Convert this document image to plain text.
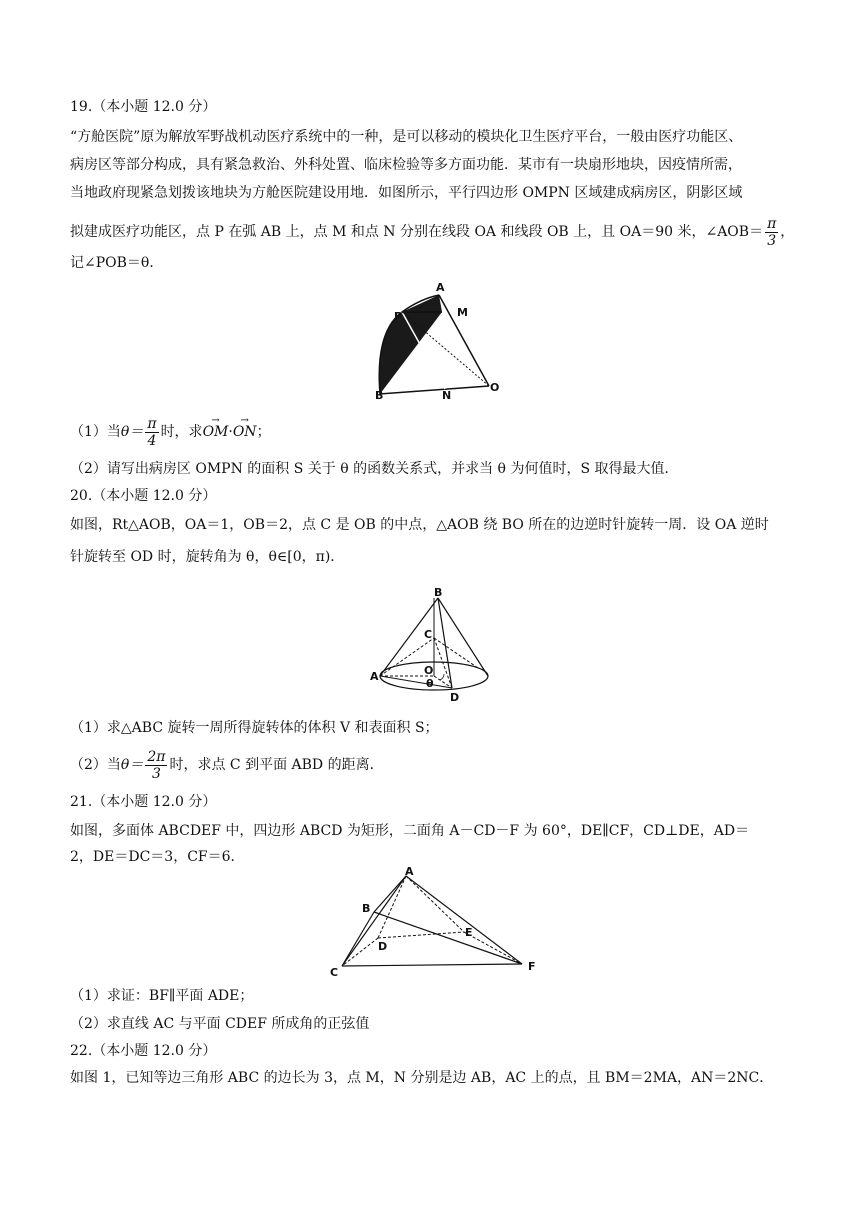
19.（本小题 12.0 分）
“方舱医院”原为解放军野战机动医疗系统中的一种，是可以移动的模块化卫生医疗平台，一般由医疗功能区、
病房区等部分构成，具有紧急救治、外科处置、临床检验等多方面功能．某市有一块扇形地块，因疫情所需，
当地政府现紧急划拨该地块为方舱医院建设用地．如图所示，平行四边形 OMPN 区域建成病房区，阴影区域
拟建成医疗功能区，点 P 在弧 AB 上，点 M 和点 N 分别在线段 OA 和线段 OB 上，且 OA＝90 米，∠AOB＝ $\frac{\pi}{3}$ ，
记∠POB＝θ．
A
M
P
B	N
O
（1）当 $\theta= \frac{\pi}{4}$ 时，求 → OM · → ON ；
（2）请写出病房区 OMPN 的面积 S 关于 θ 的函数关系式，并求当 θ 为何值时，S 取得最大值．
20.（本小题 12.0 分）
如图，Rt△AOB，OA＝1，OB＝2，点 C 是 OB 的中点，△AOB 绕 BO 所在的边逆时针旋转一周．设 OA 逆时
针旋转至 OD 时，旋转角为 θ，θ∈[0，π)．
B
C
O
A
D
θ
（1）求△ABC 旋转一周所得旋转体的体积 V 和表面积 S；
（2）当 $\theta= \frac{2\pi}{3}$ 时，求点 C 到平面 ABD 的距离．
21.（本小题 12.0 分）
如图，多面体 ABCDEF 中，四边形 ABCD 为矩形，二面角 A－CD－F 为 60°，DE∥CF，CD⊥DE，AD＝
2，DE＝DC＝3，CF＝6．
A
B
D
E
C	F
（1）求证：BF∥平面 ADE；
（2）求直线 AC 与平面 CDEF 所成角的正弦值
22.（本小题 12.0 分）
如图 1，已知等边三角形 ABC 的边长为 3，点 M，N 分别是边 AB，AC 上的点，且 BM＝2MA，AN＝2NC．
